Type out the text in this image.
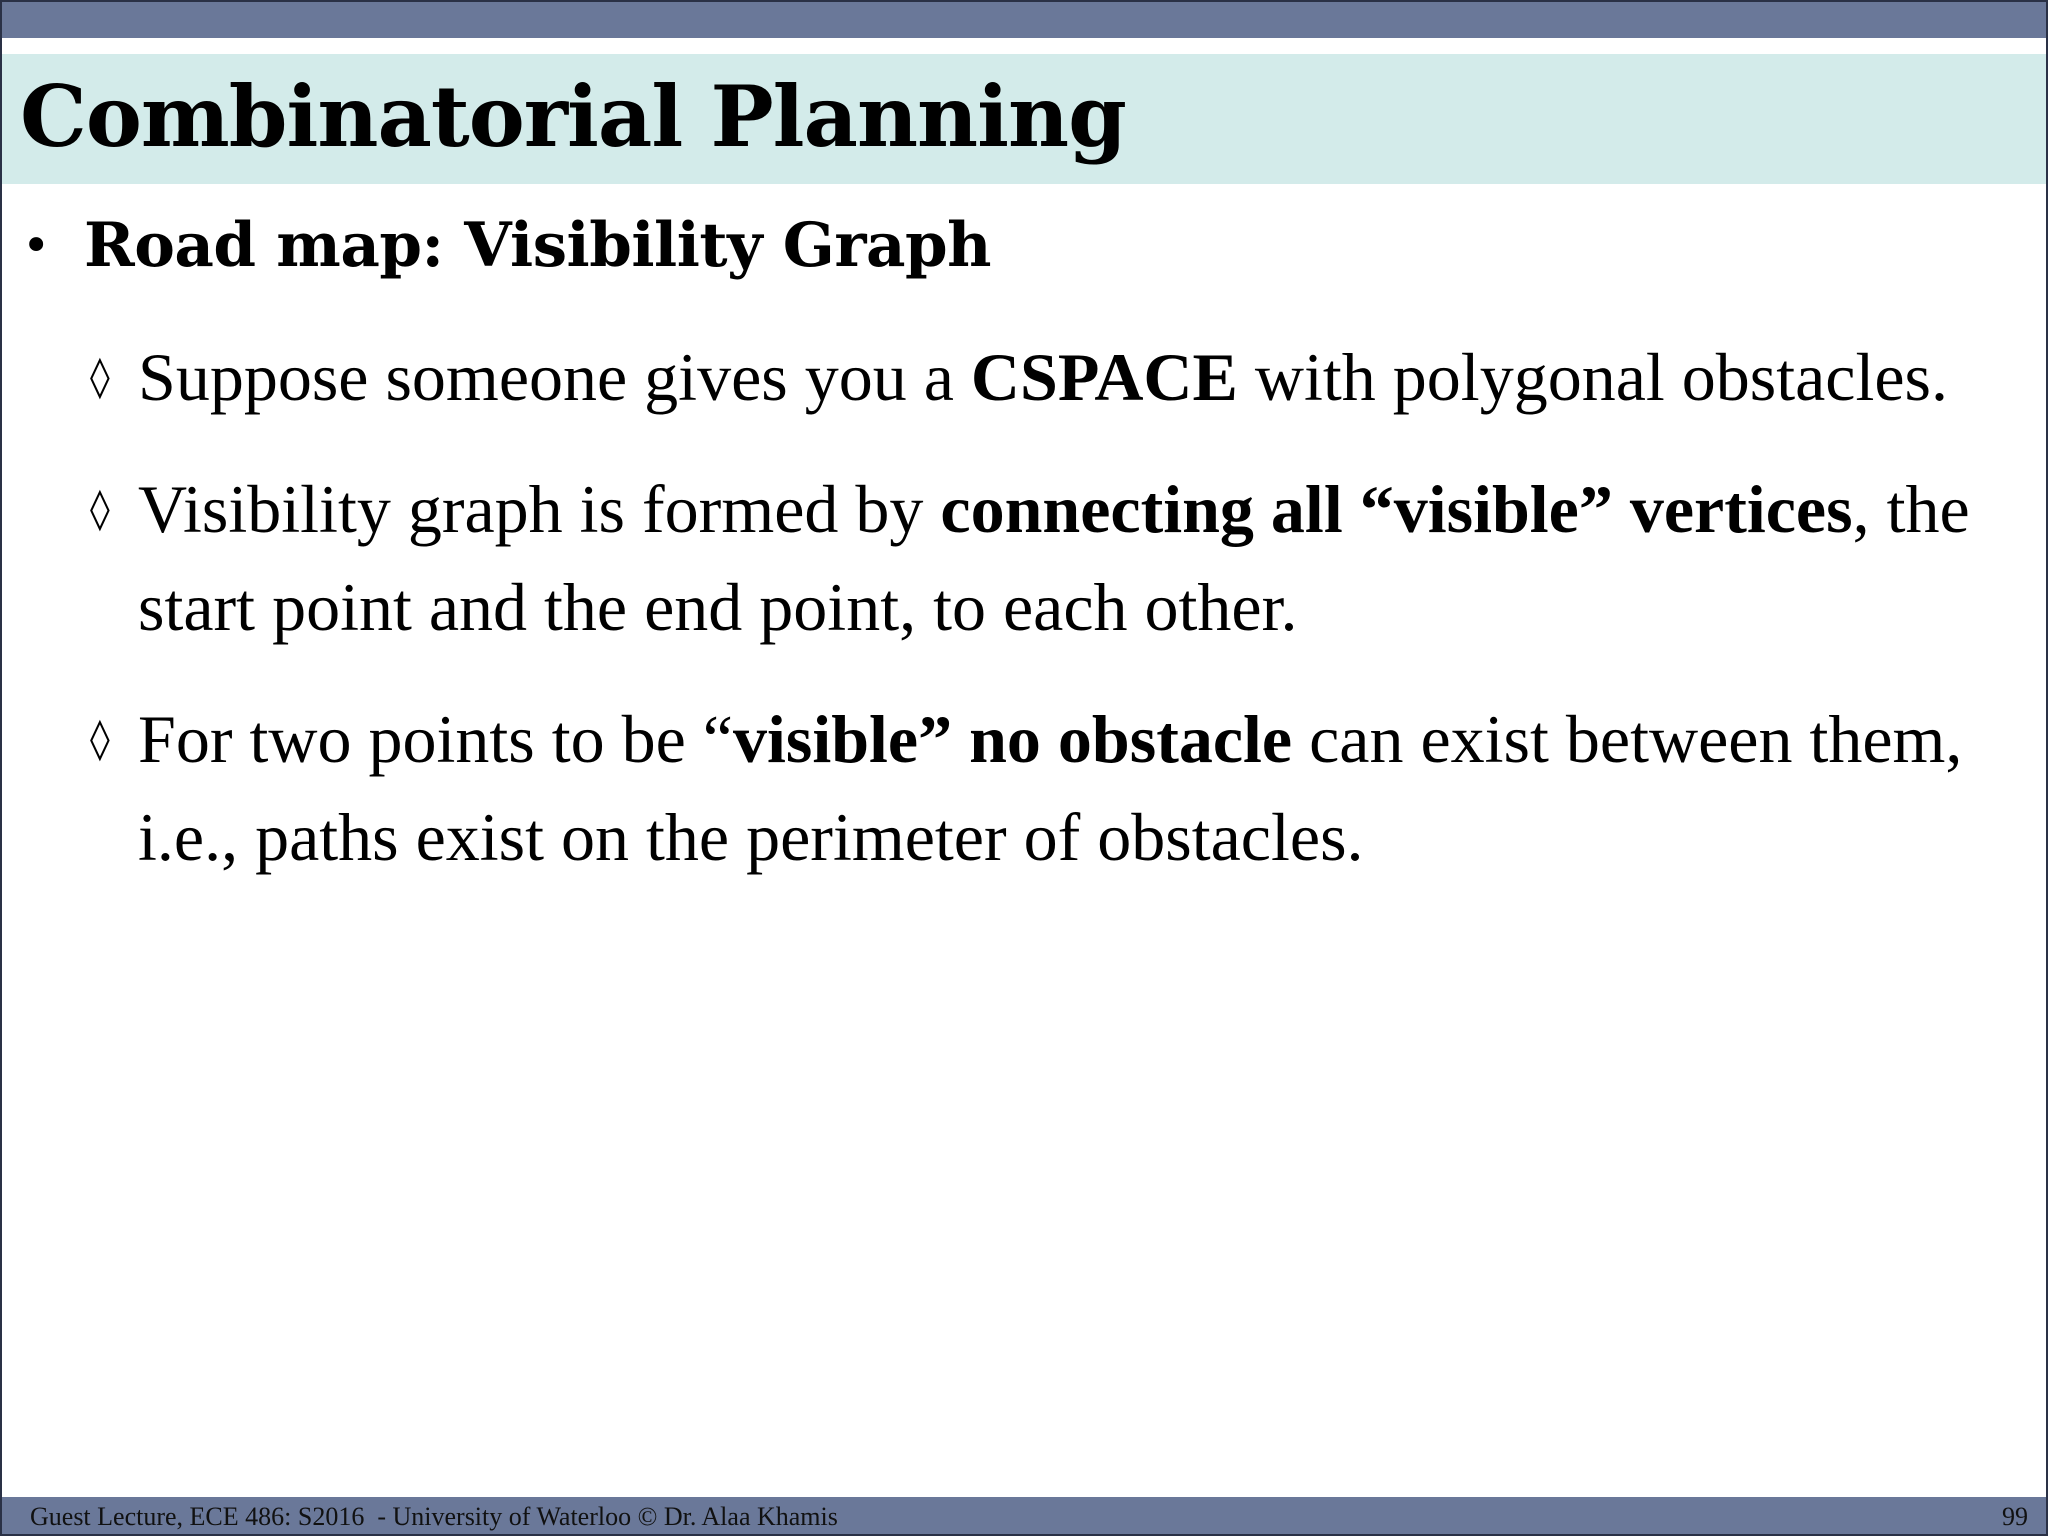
Combinatorial Planning
• Road map: Visibility Graph
◊ Suppose someone gives you a CSPACE with polygonal obstacles.
◊ Visibility graph is formed by connecting all “visible” vertices, the start point and the end point, to each other.
◊ For two points to be “visible” no obstacle can exist between them, i.e., paths exist on the perimeter of obstacles.
Guest Lecture, ECE 486: S2016  - University of Waterloo © Dr. Alaa Khamis	99
